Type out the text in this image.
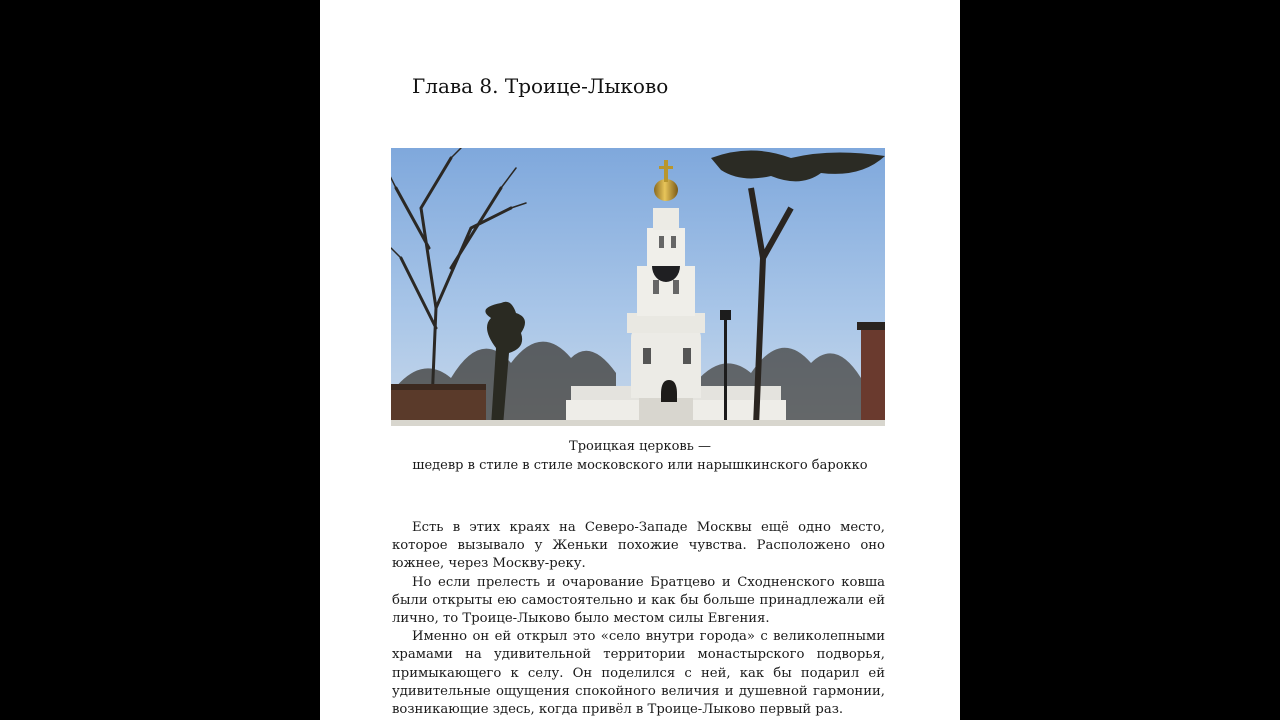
Глава 8. Троице-Лыково
Троицкая церковь —
шедевр в стиле в стиле московского или нарышкинского барокко

Есть в этих краях на Северо-Западе Москвы ещё одно место, которое вызывало у Женьки похожие чувства. Расположено оно южнее, через Москву-реку.

Но если прелесть и очарование Братцево и Сходненского ковша были открыты ею самостоятельно и как бы больше принадлежали ей лично, то Троице-Лыково было местом силы Евгения.

Именно он ей открыл это «село внутри города» с великолепными храмами на удивительной территории монастырского подворья, примыкающего к селу. Он поделился с ней, как бы подарил ей удивительные ощущения спокойного величия и душевной гармонии, возникающие здесь, когда привёл в Троице-Лыково первый раз.
